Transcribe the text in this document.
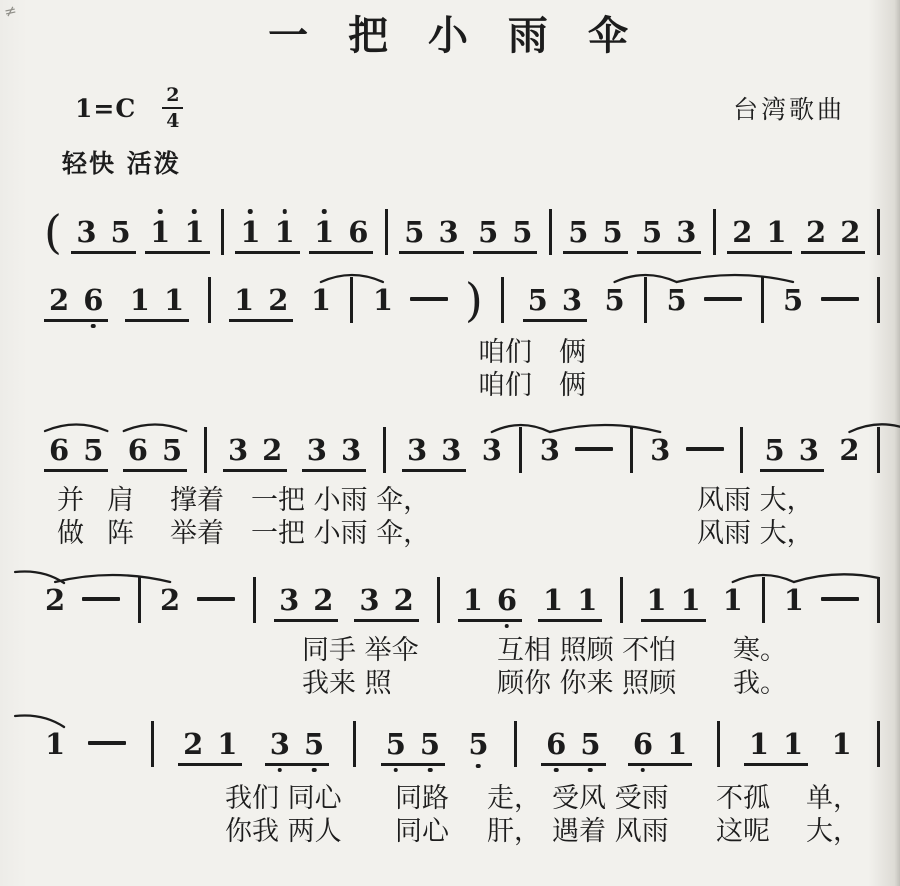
≠
一 把 小 雨 伞
$1=C \frac{2}{4}$	台湾歌曲
轻快 活泼
( 3 5 1 1 1 1 1 6 5 3 5 5 5 5 5 3 2 1 2 2
2 6 1 1 1 2 1 1 ) 5 3 5 5	5
咱们　俩
咱们　俩
6 5 6 5 3 2 3 3 3 3 3 3	3	5 3 2
并 肩 撑着　一把 小雨 伞，	风雨 大，
做 阵 举着　一把 小雨 伞，	风雨 大，
2	2	3 2 3 2 1 6 1 1 1 1 1 1
同手 举伞	互相 照顾 不怕 寒。
我来 照	顾你 你来 照顾 我。
1	2 1 3 5 5 5 5 6 5 6 1 1 1 1
我们 同心 同路 走， 受风 受雨 不孤 单，
你我 两人 同心 肝， 遇着 风雨 这呢 大，
